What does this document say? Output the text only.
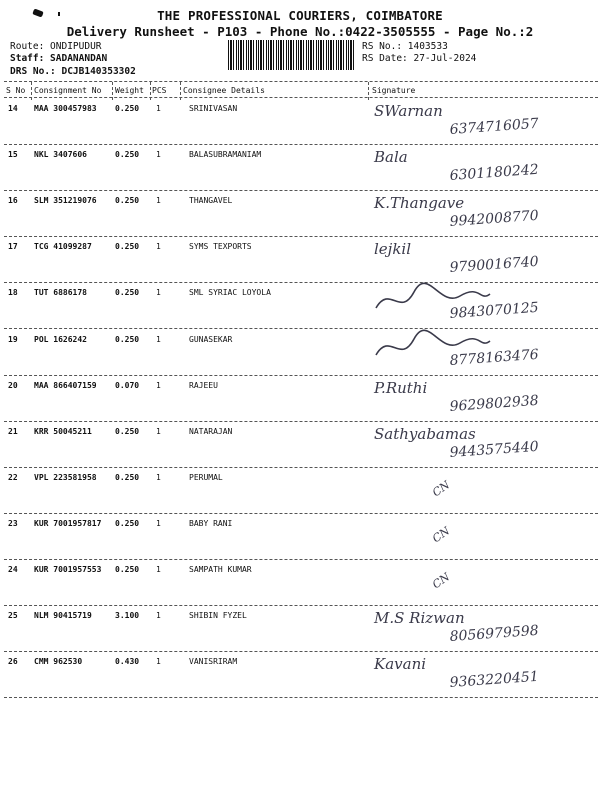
THE PROFESSIONAL COURIERS, COIMBATORE
Delivery Runsheet - P103 - Phone No.:0422-3505555 - Page No.:2
Route: ONDIPUDUR
Staff: SADANANDAN
DRS No.: DCJB140353302
RS No.: 1403533
RS Date: 27-Jul-2024
S No Consignment No Weight PCS Consignee Details	Signature
14 MAA 300457983 0.250 1	SRINIVASAN	SWarnan
6374716057
15 NKL 3407606	0.250 1	BALASUBRAMANIAM	Bala
6301180242
16 SLM 351219076 0.250 1	THANGAVEL	K.Thangave
9942008770
17 TCG 41099287	0.250 1	SYMS TEXPORTS	lejkil
9790016740
18 TUT 6886178	0.250 1	SML SYRIAC LOYOLA
9843070125
19 POL 1626242	0.250 1	GUNASEKAR
8778163476
20 MAA 866407159 0.070 1	RAJEEU	P.Ruthi
9629802938
21 KRR 50045211	0.250 1	NATARAJAN	Sathyabamas
9443575440
22 VPL 223581958 0.250 1	PERUMAL
CN
23 KUR 7001957817 0.250 1	BABY RANI
CN
24 KUR 7001957553 0.250 1	SAMPATH KUMAR
CN
25 NLM 90415719	3.100 1	SHIBIN FYZEL	M.S Rizwan
8056979598
26 CMM 962530	0.430 1	VANISRIRAM	Kavani
9363220451
